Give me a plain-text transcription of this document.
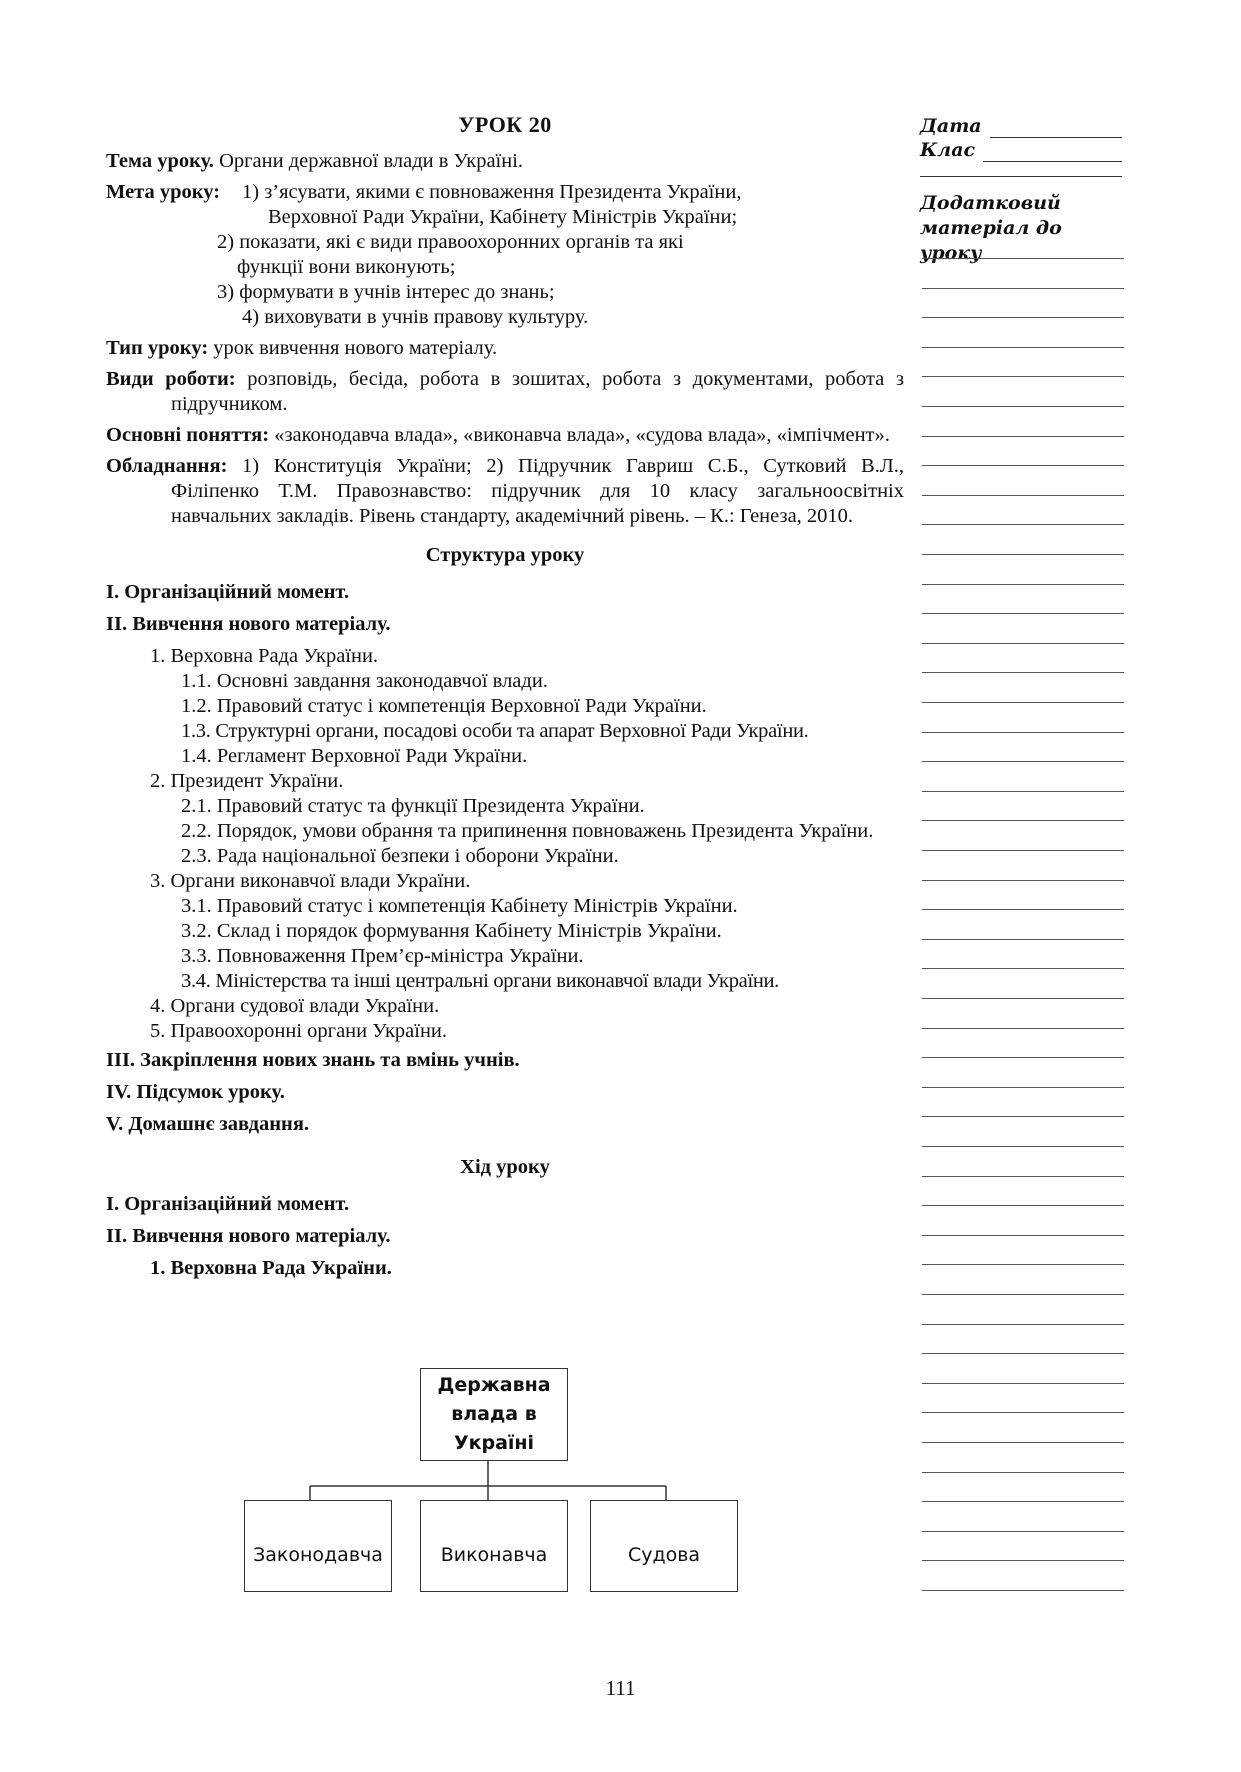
УРОК 20
Тема уроку. Органи державної влади в Україні.
Мета уроку:	1) з’ясувати, якими є повноваження Президента України,
Верховної Ради України, Кабінету Міністрів України;
2) показати, які є види правоохоронних органів та які
функції вони виконують;
3) формувати в учнів інтерес до знань;
4) виховувати в учнів правову культуру.
Тип уроку: урок вивчення нового матеріалу.
Види роботи: розповідь, бесіда, робота в зошитах, робота з документами, робота з підручником.
Основні поняття: «законодавча влада», «виконавча влада», «судова влада», «імпічмент».
Обладнання: 1) Конституція України; 2) Підручник Гавриш С.Б., Сутковий В.Л., Філіпенко Т.М. Правознавство: підручник для 10 класу загальноосвітніх навчальних закладів. Рівень стандарту, академічний рівень. – К.: Генеза, 2010.
Структура уроку
I. Організаційний момент.
II. Вивчення нового матеріалу.
1. Верховна Рада України.
1.1. Основні завдання законодавчої влади.
1.2. Правовий статус і компетенція Верховної Ради України.
1.3. Структурні органи, посадові особи та апарат Верховної Ради України.
1.4. Регламент Верховної Ради України.
2. Президент України.
2.1. Правовий статус та функції Президента України.
2.2. Порядок, умови обрання та припинення повноважень Президента України.
2.3. Рада національної безпеки і оборони України.
3. Органи виконавчої влади України.
3.1. Правовий статус і компетенція Кабінету Міністрів України.
3.2. Склад і порядок формування Кабінету Міністрів України.
3.3. Повноваження Прем’єр-міністра України.
3.4. Міністерства та інші центральні органи виконавчої влади України.
4. Органи судової влади України.
5. Правоохоронні органи України.
III. Закріплення нових знань та вмінь учнів.
IV. Підсумок уроку.
V. Домашнє завдання.
Хід уроку
I. Організаційний момент.
II. Вивчення нового матеріалу.
1. Верховна Рада України.
Державна влада в Україні
Законодавча	Виконавча	Судова
Дата
Клас
Додатковий матеріал до уроку
111
